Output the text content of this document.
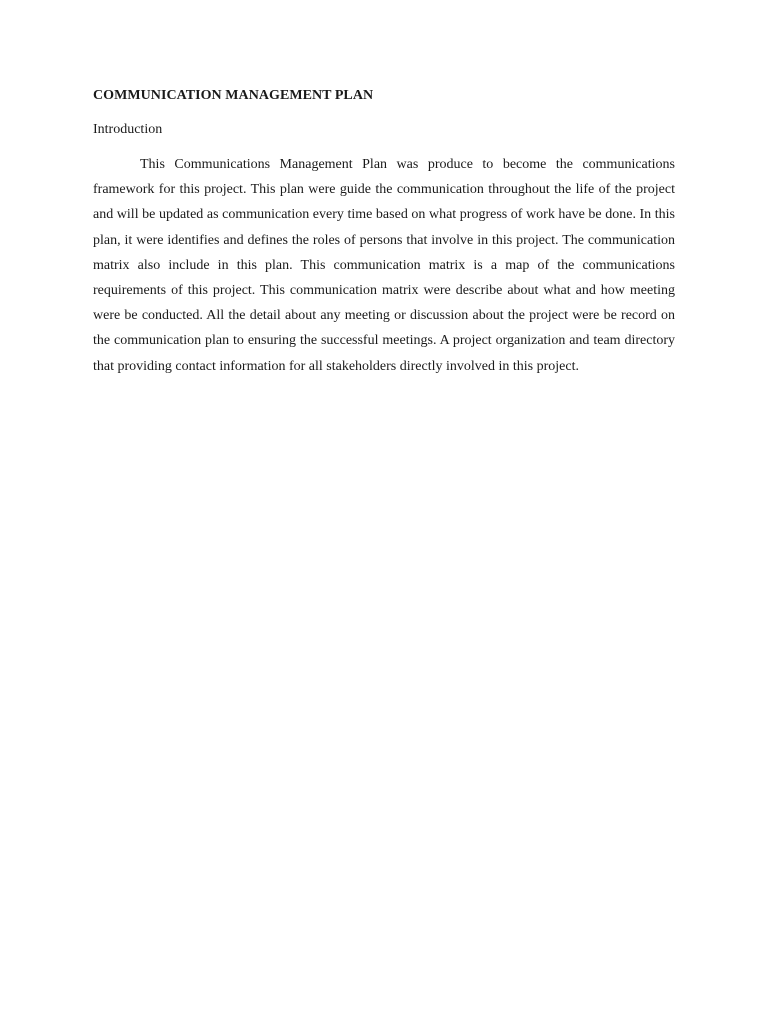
COMMUNICATION MANAGEMENT PLAN
Introduction

This Communications Management Plan was produce to become the communications framework for this project. This plan were guide the communication throughout the life of the project and will be updated as communication every time based on what progress of work have be done. In this plan, it were identifies and defines the roles of persons that involve in this project. The communication matrix also include in this plan. This communication matrix is a map of the communications requirements of this project. This communication matrix were describe about what and how meeting were be conducted. All the detail about any meeting or discussion about the project were be record on the communication plan to ensuring the successful meetings. A project organization and team directory that providing contact information for all stakeholders directly involved in this project.
